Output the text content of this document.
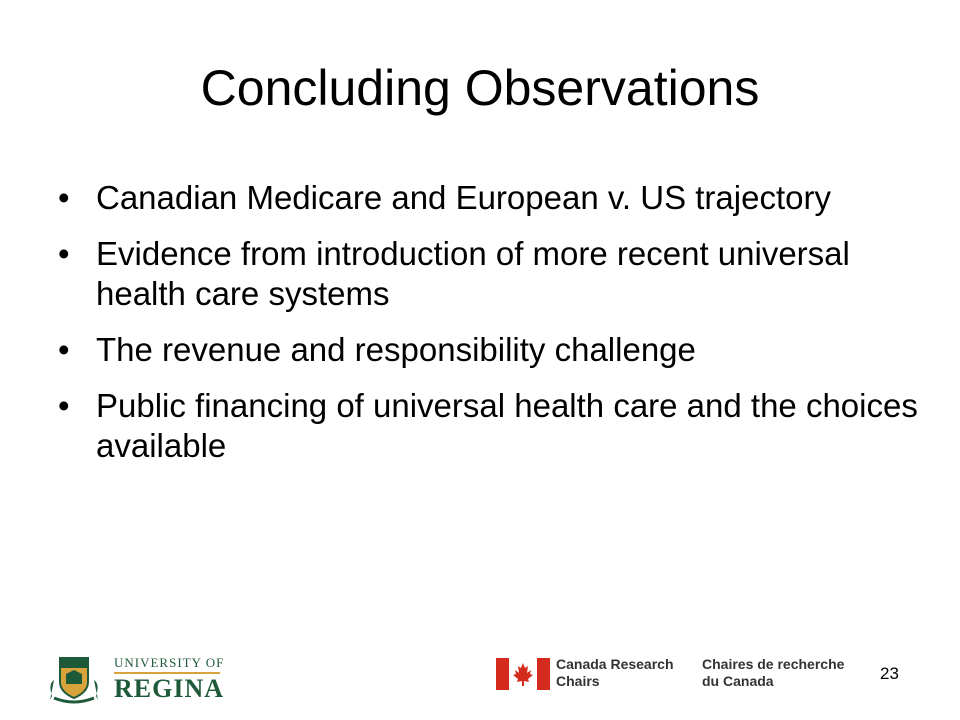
Concluding Observations
• Canadian Medicare and European v. US trajectory
• Evidence from introduction of more recent universal health care systems
• The revenue and responsibility challenge
• Public financing of universal health care and the choices available
UNIVERSITY OF
REGINA
Canada Research Chairs
Chaires de recherche du Canada	23
